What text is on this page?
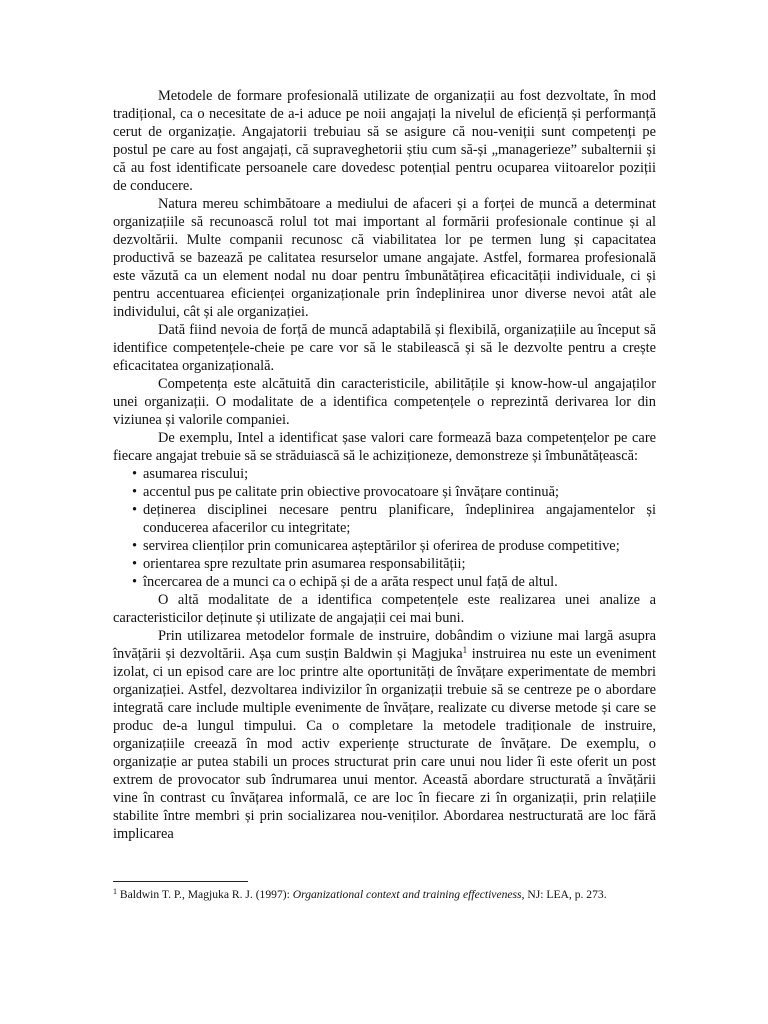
Metodele de formare profesională utilizate de organizații au fost dezvoltate, în mod tradițional, ca o necesitate de a-i aduce pe noii angajați la nivelul de eficiență și performanță cerut de organizație. Angajatorii trebuiau să se asigure că nou-veniții sunt competenți pe postul pe care au fost angajați, că supraveghetorii știu cum să-și „managerieze” subalternii și că au fost identificate persoanele care dovedesc potențial pentru ocuparea viitoarelor poziții de conducere.

Natura mereu schimbătoare a mediului de afaceri și a forței de muncă a determinat organizațiile să recunoască rolul tot mai important al formării profesionale continue și al dezvoltării. Multe companii recunosc că viabilitatea lor pe termen lung și capacitatea productivă se bazează pe calitatea resurselor umane angajate. Astfel, formarea profesională este văzută ca un element nodal nu doar pentru îmbunătățirea eficacității individuale, ci și pentru accentuarea eficienței organizaționale prin îndeplinirea unor diverse nevoi atât ale individului, cât și ale organizației.

Dată fiind nevoia de forță de muncă adaptabilă și flexibilă, organizațiile au început să identifice competențele-cheie pe care vor să le stabilească și să le dezvolte pentru a crește eficacitatea organizațională.

Competența este alcătuită din caracteristicile, abilitățile și know-how-ul angajaților unei organizații. O modalitate de a identifica competențele o reprezintă derivarea lor din viziunea și valorile companiei.

De exemplu, Intel a identificat șase valori care formează baza competențelor pe care fiecare angajat trebuie să se străduiască să le achiziționeze, demonstreze și îmbunătățească:

• asumarea riscului;
• accentul pus pe calitate prin obiective provocatoare și învățare continuă;
• deținerea disciplinei necesare pentru planificare, îndeplinirea angajamentelor și conducerea afacerilor cu integritate;
• servirea clienților prin comunicarea așteptărilor și oferirea de produse competitive;
• orientarea spre rezultate prin asumarea responsabilității;
• încercarea de a munci ca o echipă și de a arăta respect unul față de altul.

O altă modalitate de a identifica competențele este realizarea unei analize a caracteristicilor deținute și utilizate de angajații cei mai buni.

Prin utilizarea metodelor formale de instruire, dobândim o viziune mai largă asupra învățării și dezvoltării. Așa cum susțin Baldwin și Magjuka$^1$ instruirea nu este un eveniment izolat, ci un episod care are loc printre alte oportunități de învățare experimentate de membri organizației. Astfel, dezvoltarea indivizilor în organizații trebuie să se centreze pe o abordare integrată care include multiple evenimente de învățare, realizate cu diverse metode și care se produc de-a lungul timpului. Ca o completare la metodele tradiționale de instruire, organizațiile creează în mod activ experiențe structurate de învățare. De exemplu, o organizație ar putea stabili un proces structurat prin care unui nou lider îi este oferit un post extrem de provocator sub îndrumarea unui mentor. Această abordare structurată a învățării vine în contrast cu învățarea informală, ce are loc în fiecare zi în organizații, prin relațiile stabilite între membri și prin socializarea nou-veniților. Abordarea nestructurată are loc fără implicarea

$^1$ Baldwin T. P., Magjuka R. J. (1997): Organizational context and training effectiveness, NJ: LEA, p. 273.
